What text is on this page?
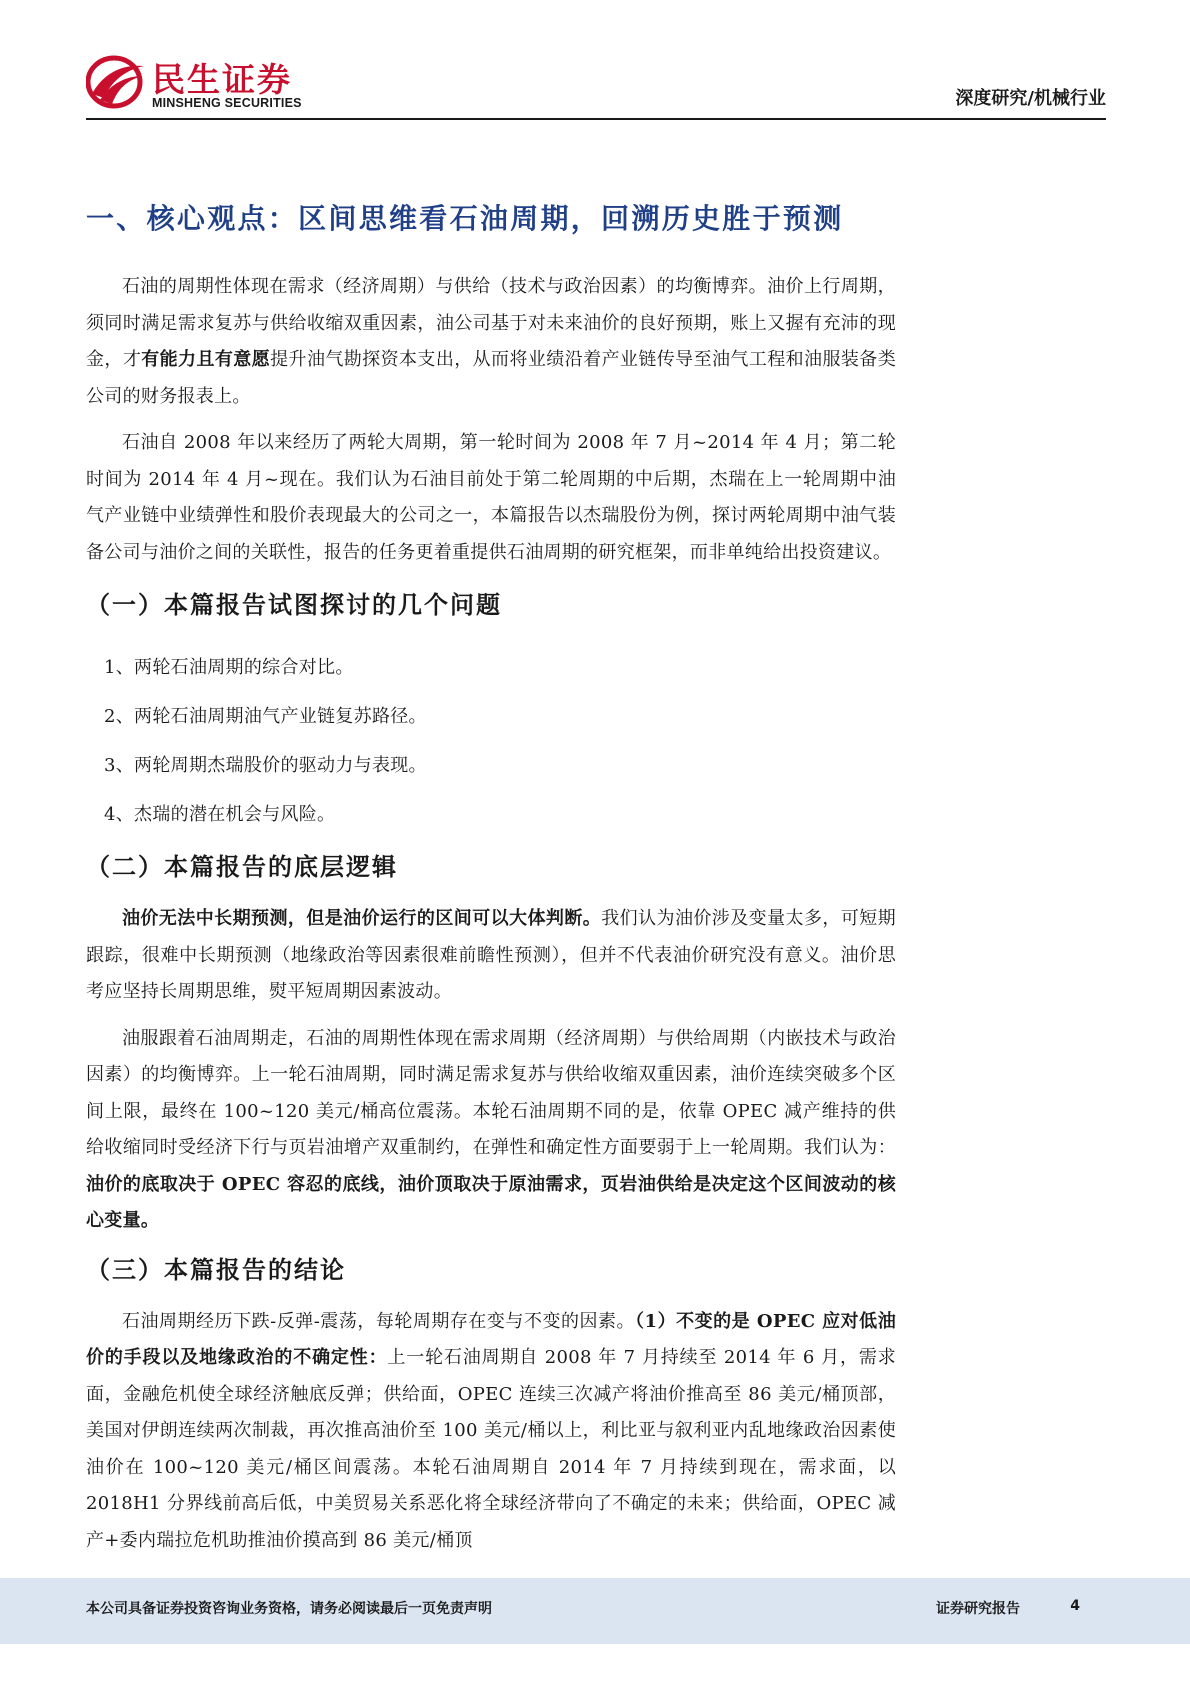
民生证券
MINSHENG SECURITIES	深度研究/机械行业
一、核心观点：区间思维看石油周期，回溯历史胜于预测

石油的周期性体现在需求（经济周期）与供给（技术与政治因素）的均衡博弈。油价上行周期，须同时满足需求复苏与供给收缩双重因素，油公司基于对未来油价的良好预期，账上又握有充沛的现金，才有能力且有意愿提升油气勘探资本支出，从而将业绩沿着产业链传导至油气工程和油服装备类公司的财务报表上。

石油自 2008 年以来经历了两轮大周期，第一轮时间为 2008 年 7 月~2014 年 4 月；第二轮时间为 2014 年 4 月~现在。我们认为石油目前处于第二轮周期的中后期，杰瑞在上一轮周期中油气产业链中业绩弹性和股价表现最大的公司之一，本篇报告以杰瑞股份为例，探讨两轮周期中油气装备公司与油价之间的关联性，报告的任务更着重提供石油周期的研究框架，而非单纯给出投资建议。

（一）本篇报告试图探讨的几个问题
1、两轮石油周期的综合对比。
2、两轮石油周期油气产业链复苏路径。
3、两轮周期杰瑞股价的驱动力与表现。
4、杰瑞的潜在机会与风险。
（二）本篇报告的底层逻辑

油价无法中长期预测，但是油价运行的区间可以大体判断。我们认为油价涉及变量太多，可短期跟踪，很难中长期预测（地缘政治等因素很难前瞻性预测），但并不代表油价研究没有意义。油价思考应坚持长周期思维，熨平短周期因素波动。

油服跟着石油周期走，石油的周期性体现在需求周期（经济周期）与供给周期（内嵌技术与政治因素）的均衡博弈。上一轮石油周期，同时满足需求复苏与供给收缩双重因素，油价连续突破多个区间上限，最终在 100~120 美元/桶高位震荡。本轮石油周期不同的是，依靠 OPEC 减产维持的供给收缩同时受经济下行与页岩油增产双重制约，在弹性和确定性方面要弱于上一轮周期。我们认为：油价的底取决于 OPEC 容忍的底线，油价顶取决于原油需求，页岩油供给是决定这个区间波动的核心变量。

（三）本篇报告的结论

石油周期经历下跌-反弹-震荡，每轮周期存在变与不变的因素。（1）不变的是 OPEC 应对低油价的手段以及地缘政治的不确定性：上一轮石油周期自 2008 年 7 月持续至 2014 年 6 月，需求面，金融危机使全球经济触底反弹；供给面，OPEC 连续三次减产将油价推高至 86 美元/桶顶部，美国对伊朗连续两次制裁，再次推高油价至 100 美元/桶以上，利比亚与叙利亚内乱地缘政治因素使油价在 100~120 美元/桶区间震荡。本轮石油周期自 2014 年 7 月持续到现在，需求面，以 2018H1 分界线前高后低，中美贸易关系恶化将全球经济带向了不确定的未来；供给面，OPEC 减产+委内瑞拉危机助推油价摸高到 86 美元/桶顶

本公司具备证券投资咨询业务资格，请务必阅读最后一页免责声明	证券研究报告	4
